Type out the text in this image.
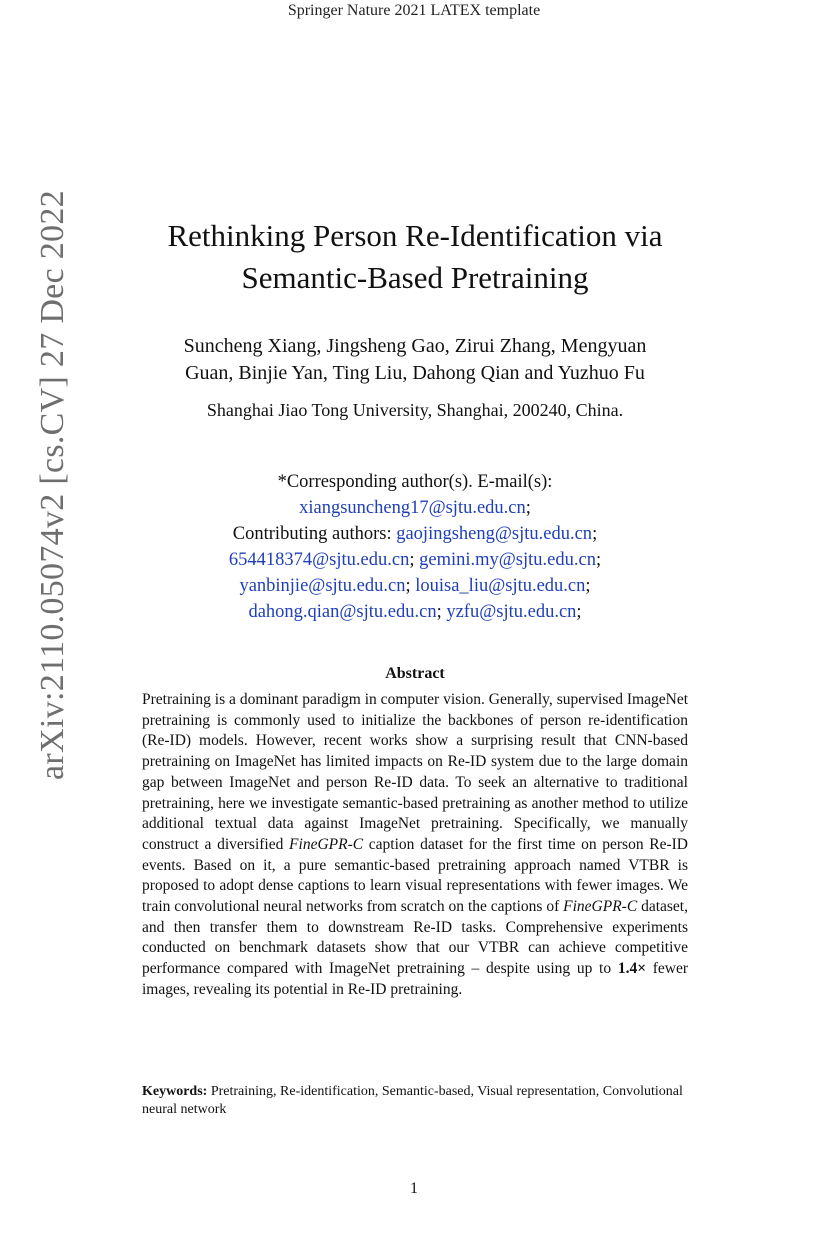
Springer Nature 2021 LATEX template
arXiv:2110.05074v2 [cs.CV] 27 Dec 2022	Rethinking Person Re-Identification via
Semantic-Based Pretraining
Suncheng Xiang, Jingsheng Gao, Zirui Zhang, Mengyuan
Guan, Binjie Yan, Ting Liu, Dahong Qian and Yuzhuo Fu
Shanghai Jiao Tong University, Shanghai, 200240, China.
*Corresponding author(s). E-mail(s):
xiangsuncheng17@sjtu.edu.cn;
Contributing authors: gaojingsheng@sjtu.edu.cn;
654418374@sjtu.edu.cn; gemini.my@sjtu.edu.cn;
yanbinjie@sjtu.edu.cn; louisa_liu@sjtu.edu.cn;
dahong.qian@sjtu.edu.cn; yzfu@sjtu.edu.cn;
Abstract
Pretraining is a dominant paradigm in computer vision. Generally, supervised ImageNet pretraining is commonly used to initialize the backbones of person re-identification (Re-ID) models. However, recent works show a surprising result that CNN-based pretraining on ImageNet has limited impacts on Re-ID system due to the large domain gap between ImageNet and person Re-ID data. To seek an alternative to traditional pretraining, here we investigate semantic-based pretraining as another method to utilize additional textual data against ImageNet pretraining. Specifically, we manually construct a diversified FineGPR-C caption dataset for the first time on person Re-ID events. Based on it, a pure semantic-based pretraining approach named VTBR is proposed to adopt dense captions to learn visual representations with fewer images. We train convolutional neural networks from scratch on the captions of FineGPR-C dataset, and then transfer them to downstream Re-ID tasks. Comprehensive experiments conducted on benchmark datasets show that our VTBR can achieve competitive performance compared with ImageNet pretraining – despite using up to 1.4× fewer images, revealing its potential in Re-ID pretraining.
Keywords: Pretraining, Re-identification, Semantic-based, Visual representation, Convolutional neural network
1
